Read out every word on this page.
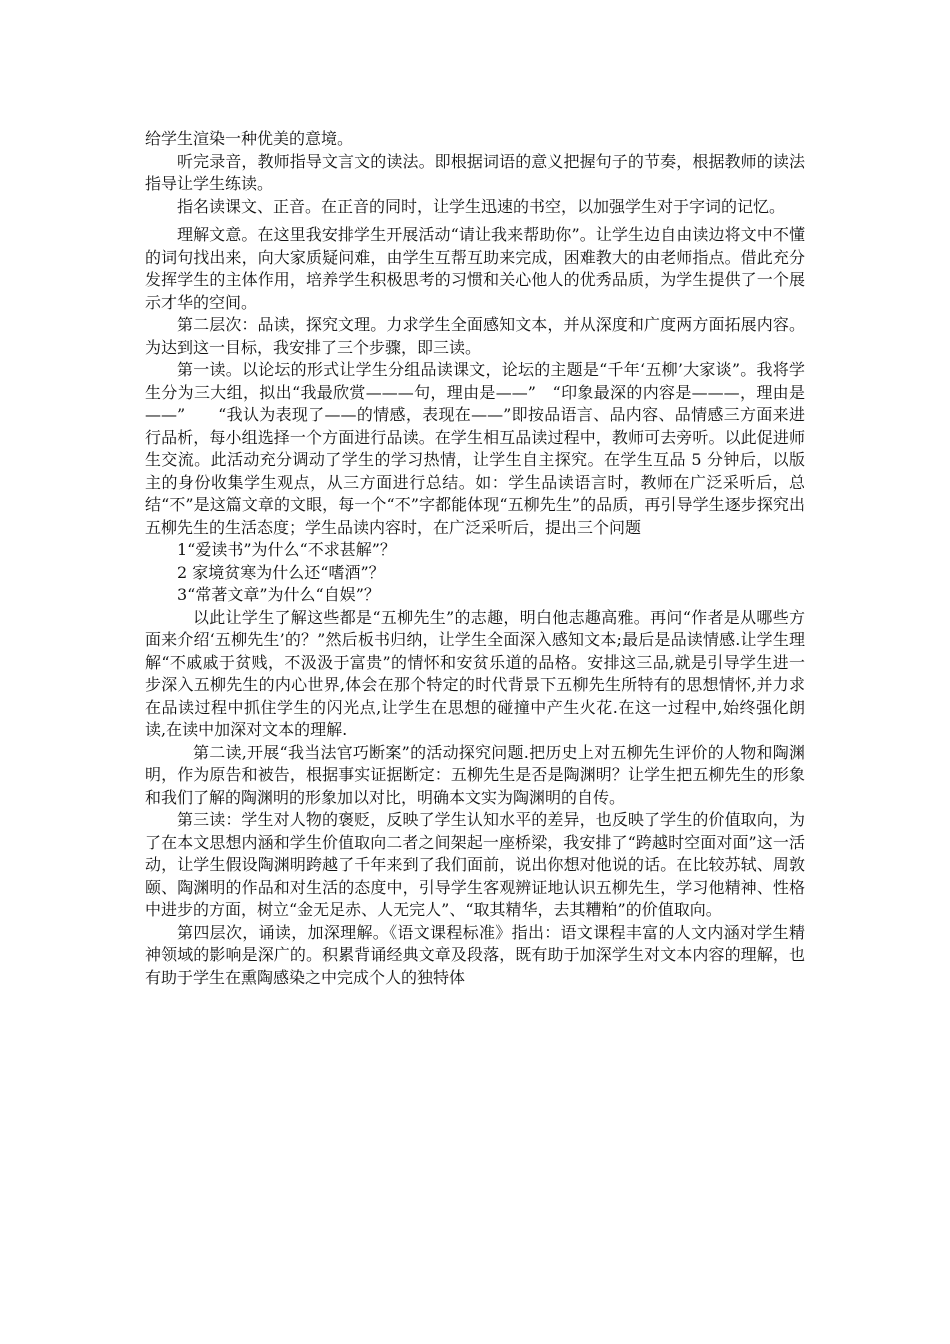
给学生渲染一种优美的意境。

听完录音，教师指导文言文的读法。即根据词语的意义把握句子的节奏，根据教师的读法指导让学生练读。

指名读课文、正音。在正音的同时，让学生迅速的书空，以加强学生对于字词的记忆。

理解文意。在这里我安排学生开展活动“请让我来帮助你”。让学生边自由读边将文中不懂的词句找出来，向大家质疑问难，由学生互帮互助来完成，困难教大的由老师指点。借此充分发挥学生的主体作用，培养学生积极思考的习惯和关心他人的优秀品质，为学生提供了一个展示才华的空间。

第二层次：品读，探究文理。力求学生全面感知文本，并从深度和广度两方面拓展内容。为达到这一目标，我安排了三个步骤，即三读。

第一读。以论坛的形式让学生分组品读课文，论坛的主题是“千年‘五柳’大家谈”。我将学生分为三大组，拟出“我最欣赏———句，理由是——”　“印象最深的内容是———，理由是——”　　“我认为表现了——的情感，表现在——”即按品语言、品内容、品情感三方面来进行品析，每小组选择一个方面进行品读。在学生相互品读过程中，教师可去旁听。以此促进师生交流。此活动充分调动了学生的学习热情，让学生自主探究。在学生互品 5 分钟后，以版主的身份收集学生观点，从三方面进行总结。如：学生品读语言时，教师在广泛采听后，总结“不”是这篇文章的文眼，每一个“不”字都能体现“五柳先生”的品质，再引导学生逐步探究出五柳先生的生活态度；学生品读内容时，在广泛采听后，提出三个问题

1“爱读书”为什么“不求甚解”？

2 家境贫寒为什么还“嗜酒”？

3“常著文章”为什么“自娱”？

以此让学生了解这些都是“五柳先生”的志趣，明白他志趣高雅。再问“作者是从哪些方面来介绍‘五柳先生’的？”然后板书归纳，让学生全面深入感知文本;最后是品读情感.让学生理解“不戚戚于贫贱，不汲汲于富贵”的情怀和安贫乐道的品格。安排这三品,就是引导学生进一步深入五柳先生的内心世界,体会在那个特定的时代背景下五柳先生所特有的思想情怀,并力求在品读过程中抓住学生的闪光点,让学生在思想的碰撞中产生火花.在这一过程中,始终强化朗读,在读中加深对文本的理解.

第二读,开展“我当法官巧断案”的活动探究问题.把历史上对五柳先生评价的人物和陶渊明，作为原告和被告，根据事实证据断定：五柳先生是否是陶渊明？让学生把五柳先生的形象和我们了解的陶渊明的形象加以对比，明确本文实为陶渊明的自传。

第三读：学生对人物的褒贬，反映了学生认知水平的差异，也反映了学生的价值取向，为了在本文思想内涵和学生价值取向二者之间架起一座桥梁，我安排了“跨越时空面对面”这一活动，让学生假设陶渊明跨越了千年来到了我们面前，说出你想对他说的话。在比较苏轼、周敦颐、陶渊明的作品和对生活的态度中，引导学生客观辨证地认识五柳先生，学习他精神、性格中进步的方面，树立“金无足赤、人无完人”、“取其精华，去其糟粕”的价值取向。

第四层次，诵读，加深理解。《语文课程标准》指出：语文课程丰富的人文内涵对学生精神领域的影响是深广的。积累背诵经典文章及段落，既有助于加深学生对文本内容的理解，也有助于学生在熏陶感染之中完成个人的独特体
